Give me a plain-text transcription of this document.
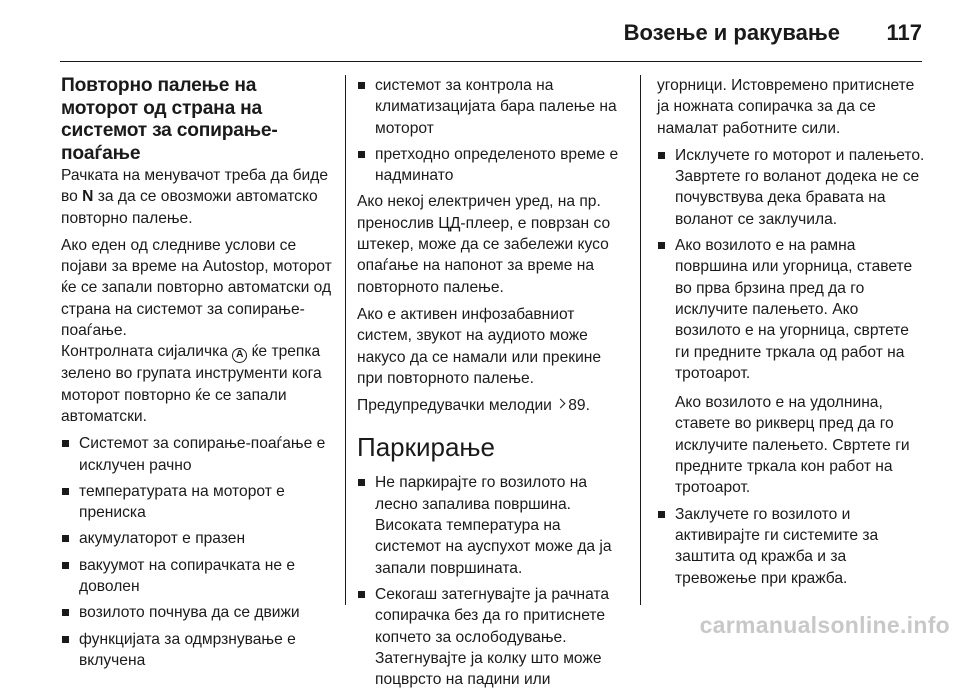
Возење и ракување 117
Повторно палење на моторот од страна на системот за сопирање-поаѓање

Рачката на менувачот треба да биде во N за да се овозможи автоматско повторно палење.

Ако еден од следниве услови се појави за време на Autostop, моторот ќе се запали повторно автоматски од страна на системот за сопирање-поаѓање.

Контролната сијаличка A ќе трепка зелено во групата инструменти кога моторот повторно ќе се запали автоматски.

Системот за сопирање-поаѓање е исклучен рачно
температурата на моторот е прениска
акумулаторот е празен
вакуумот на сопирачката не е доволен
возилото почнува да се движи
функцијата за одмрзнување е вклучена
системот за контрола на климатизацијата бара палење на моторот
претходно определеното време е надминато

Ако некој електричен уред, на пр. пренослив ЦД-плеер, е поврзан со штекер, може да се забележи кусо опаѓање на напонот за време на повторното палење.

Ако е активен инфозабавниот систем, звукот на аудиото може накусо да се намали или прекине при повторното палење.

Предупредувачки мелодии 89.

Паркирање
Не паркирајте го возилото на лесно запалива површина. Високата температура на системот на ауспухот може да ја запали површината.
Секогаш затегнувајте ја рачната сопирачка без да го притиснете копчето за ослободување. Затегнувајте ја колку што може поцврсто на падини или

угорници. Истовремено притиснете ја ножната сопирачка за да се намалат работните сили.

Исклучете го моторот и палењето. Завртете го воланот додека не се почувствува дека бравата на воланот се заклучила.

Ако возилото е на рамна површина или угорница, ставете во прва брзина пред да го исклучите палењето. Ако возилото е на угорница, свртете ги предните тркала од работ на тротоарот.

Ако возилото е на удолнина, ставете во рикверц пред да го исклучите палењето. Свртете ги предните тркала кон работ на тротоарот.

Заклучете го возилото и активирајте ги системите за заштита од кражба и за тревожење при кражба.
carmanualsonline.info
